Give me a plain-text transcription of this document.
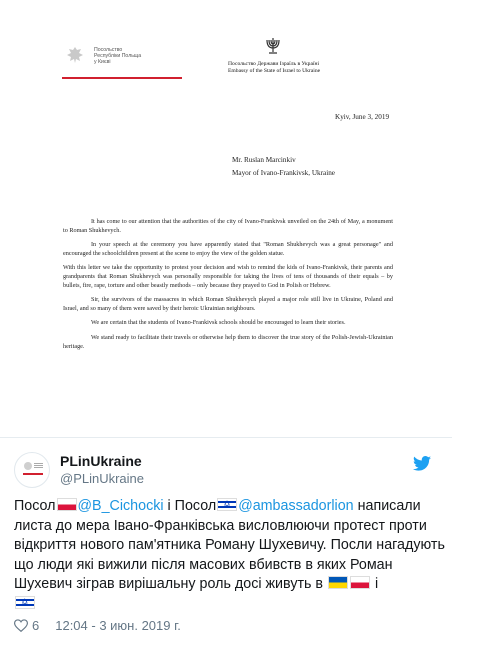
Посольство
Республіки Польща
у Києві	Посольство Держави Ізраїль в Україні
Embassy of the State of Israel to Ukraine
Kyiv, June 3, 2019
Mr. Ruslan Marcinkiv
Mayor of Ivano-Frankivsk, Ukraine

It has come to our attention that the authorities of the city of Ivano-Frankivsk unveiled on the 24th of May, a monument to Roman Shukhevych.

In your speech at the ceremony you have apparently stated that "Roman Shukhevych was a great personage" and encouraged the schoolchildren present at the scene to enjoy the view of the golden statue.

With this letter we take the opportunity to protest your decision and wish to remind the kids of Ivano-Frankivsk, their parents and grandparents that Roman Shukhevych was personally responsible for taking the lives of tens of thousands of their equals – by bullets, fire, rape, torture and other beastly methods – only because they prayed to God in Polish or Hebrew.

Sir, the survivors of the massacres in which Roman Shukhevych played a major role still live in Ukraine, Poland and Israel, and so many of them were saved by their heroic Ukrainian neighbours.

We are certain that the students of Ivano-Frankivsk schools should be encouraged to learn their stories.

We stand ready to facilitate their travels or otherwise help them to discover the true story of the Polish-Jewish-Ukrainian heritage.

PLinUkraine
@PLinUkraine
Посол @B_Cichocki і Посол✡ @ambassadorlion написали листа до мера Івано-Франківська висловлюючи протест проти відкриття нового пам'ятника Роману Шухевичу. Посли нагадують що люди які вижили після масових вбивств в яких Роман Шухевич зіграв вирішальну роль досі живуть в	і
✡
6 12:04 - 3 июн. 2019 г.
